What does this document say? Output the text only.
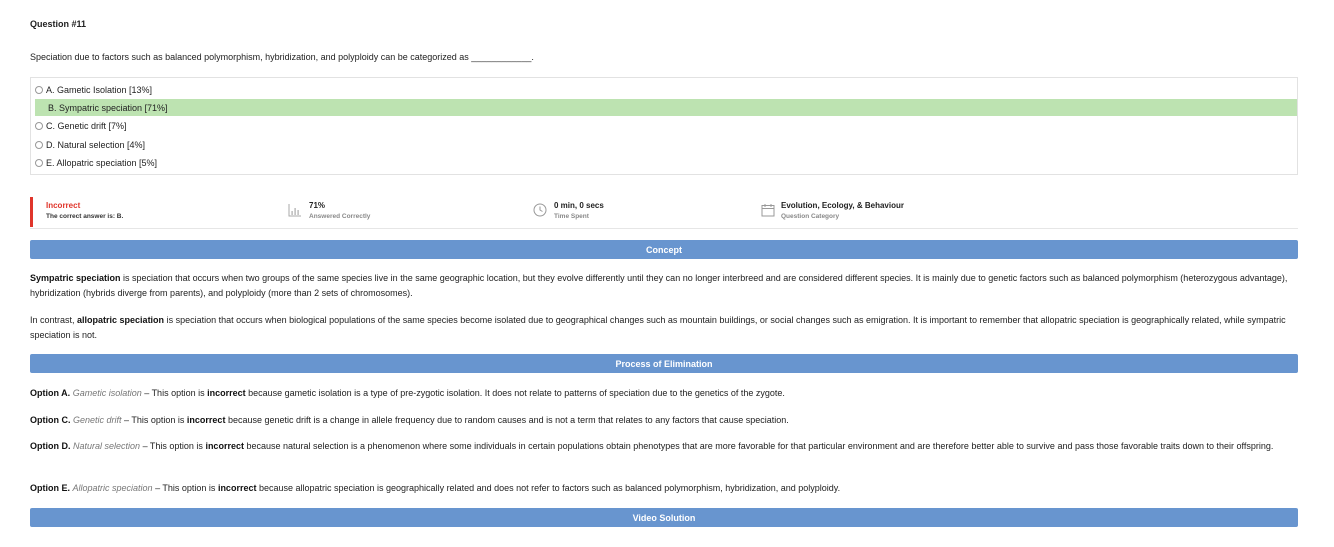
Question #11
Speciation due to factors such as balanced polymorphism, hybridization, and polyploidy can be categorized as ____________.
A. Gametic Isolation [13%]
B. Sympatric speciation [71%]
C. Genetic drift [7%]
D. Natural selection [4%]
E. Allopatric speciation [5%]
Incorrect
The correct answer is: B.
71%
Answered Correctly
0 min, 0 secs
Time Spent
Evolution, Ecology, & Behaviour
Question Category
Concept
Sympatric speciation is speciation that occurs when two groups of the same species live in the same geographic location, but they evolve differently until they can no longer interbreed and are considered different species. It is mainly due to genetic factors such as balanced polymorphism (heterozygous advantage), hybridization (hybrids diverge from parents), and polyploidy (more than 2 sets of chromosomes).
In contrast, allopatric speciation is speciation that occurs when biological populations of the same species become isolated due to geographical changes such as mountain buildings, or social changes such as emigration. It is important to remember that allopatric speciation is geographically related, while sympatric speciation is not.
Process of Elimination
Option A. Gametic isolation – This option is incorrect because gametic isolation is a type of pre-zygotic isolation. It does not relate to patterns of speciation due to the genetics of the zygote.
Option C. Genetic drift – This option is incorrect because genetic drift is a change in allele frequency due to random causes and is not a term that relates to any factors that cause speciation.
Option D. Natural selection – This option is incorrect because natural selection is a phenomenon where some individuals in certain populations obtain phenotypes that are more favorable for that particular environment and are therefore better able to survive and pass those favorable traits down to their offspring.
Option E. Allopatric speciation – This option is incorrect because allopatric speciation is geographically related and does not refer to factors such as balanced polymorphism, hybridization, and polyploidy.
Video Solution
